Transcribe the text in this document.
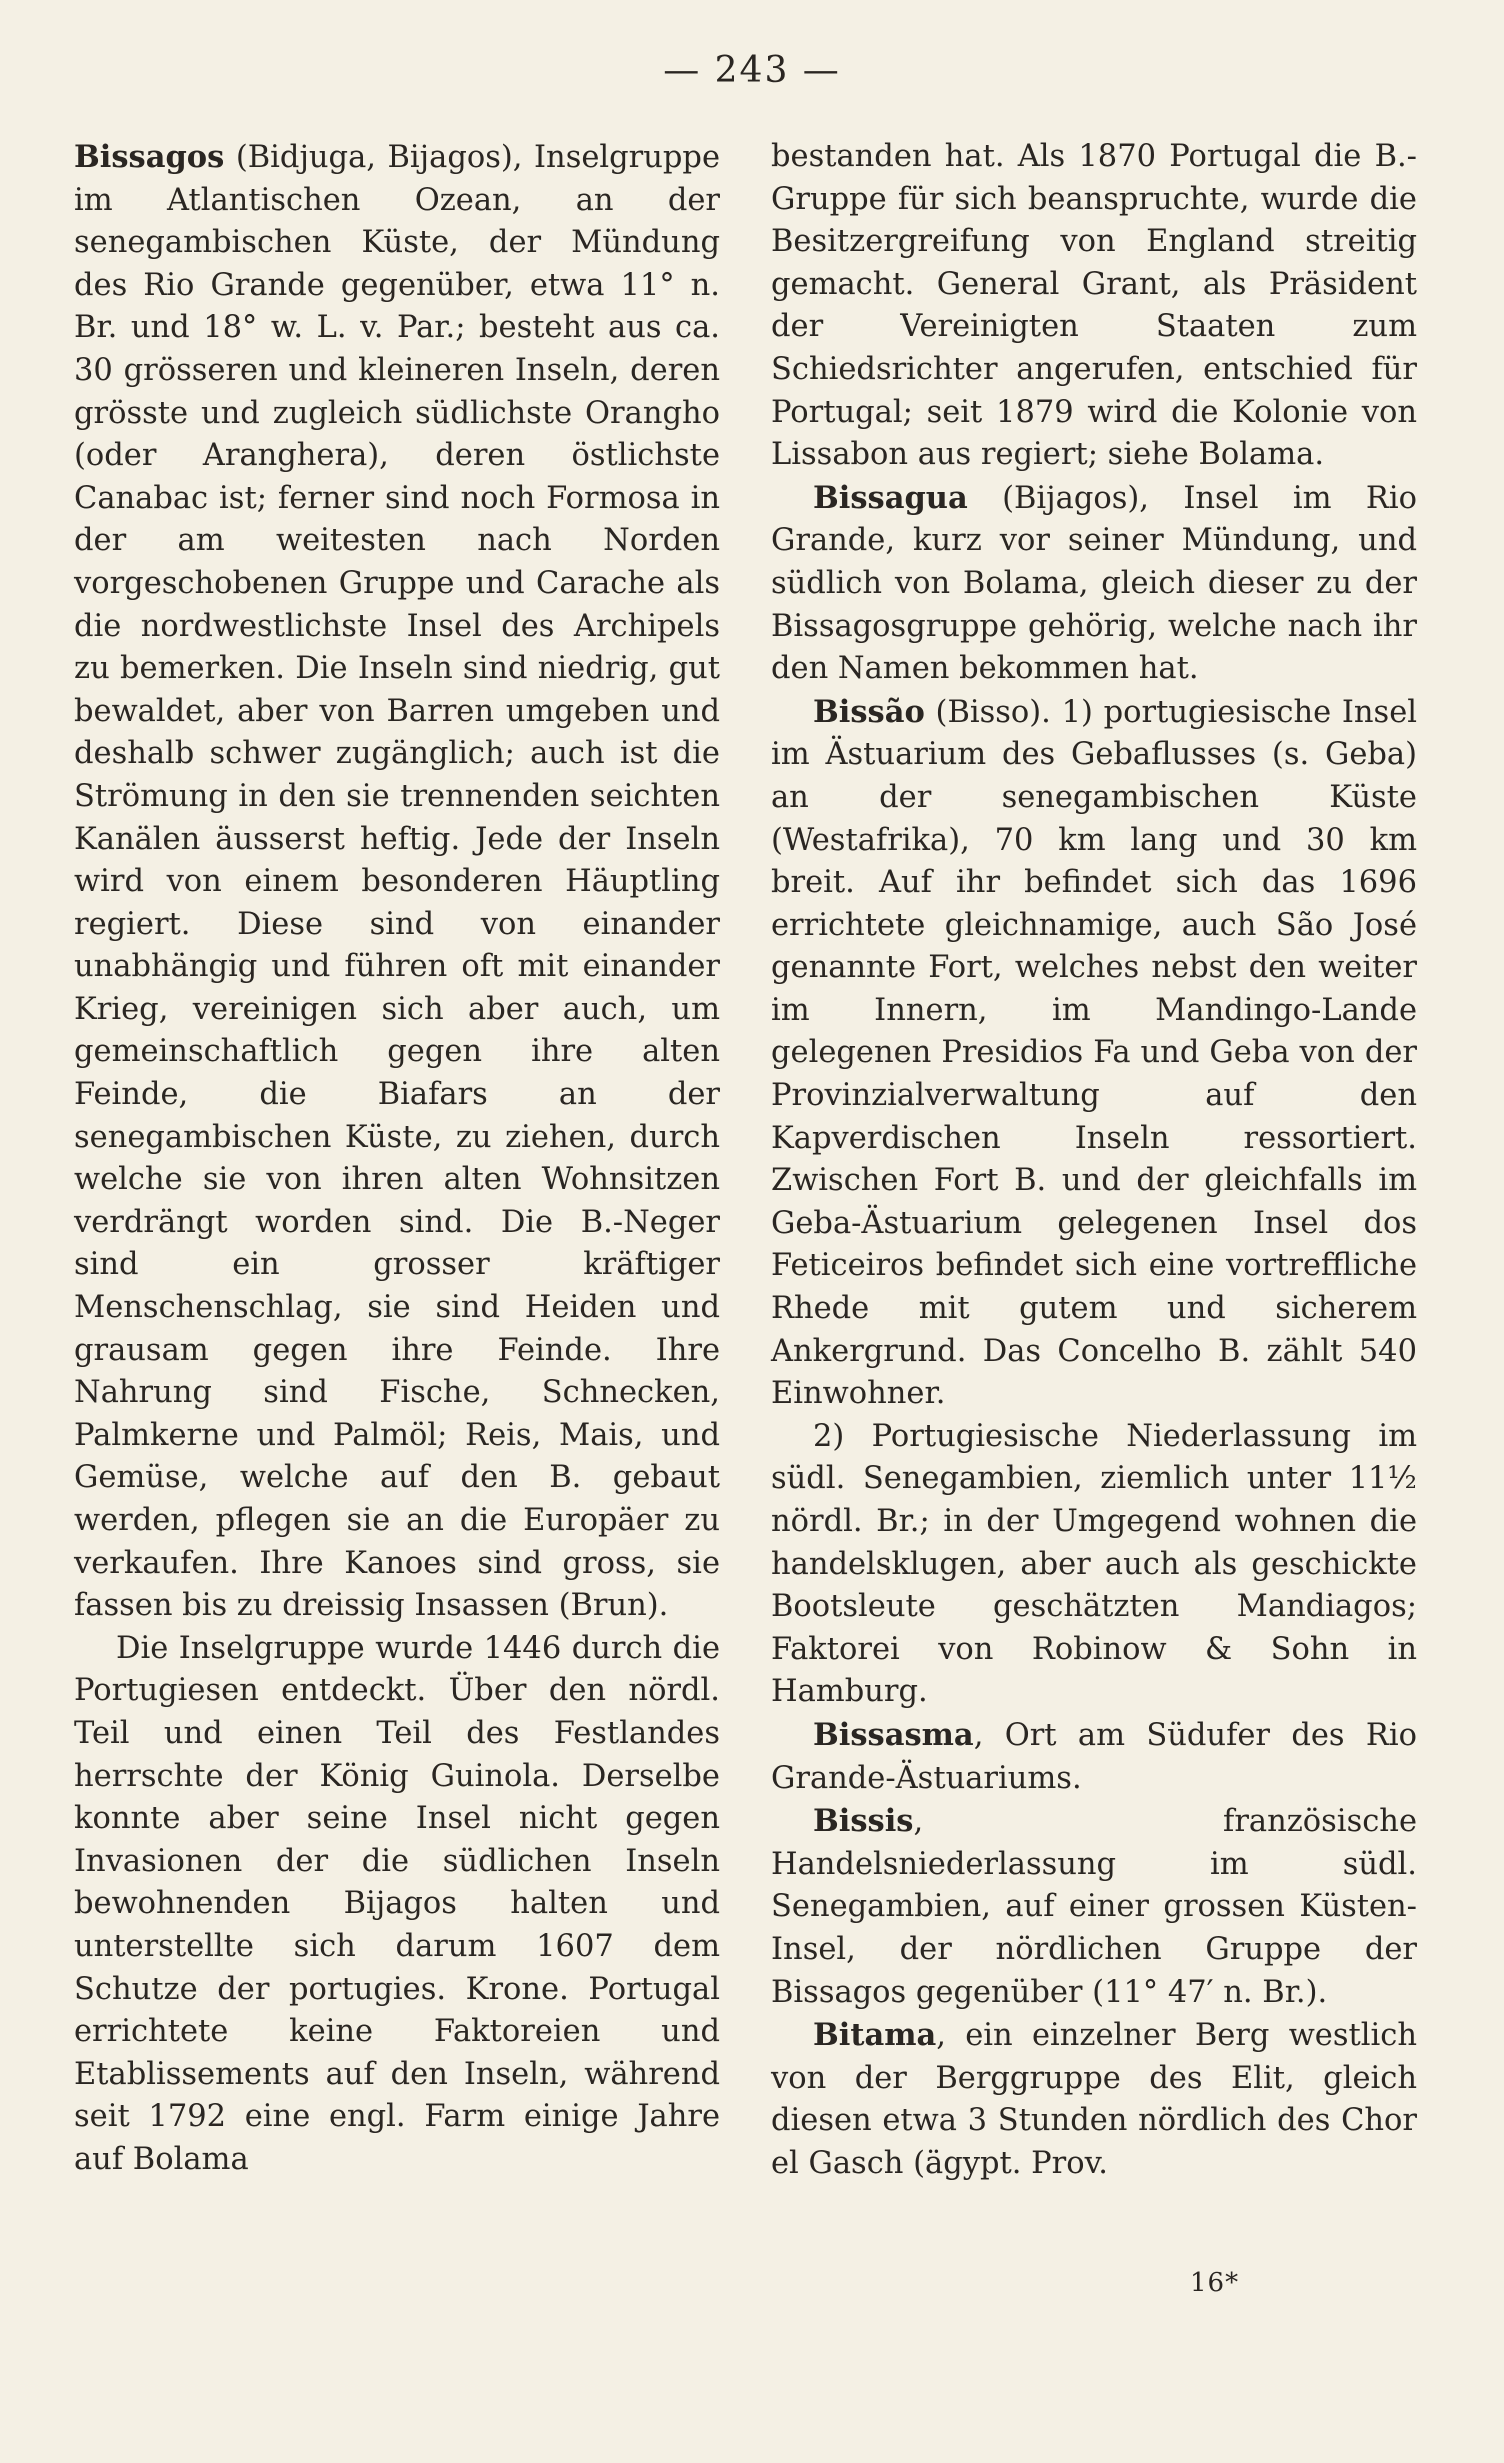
— 243 —

Bissagos (Bidjuga, Bijagos), Inselgruppe im Atlantischen Ozean, an der senegambischen Küste, der Mündung des Rio Grande gegenüber, etwa 11° n. Br. und 18° w. L. v. Par.; besteht aus ca. 30 grösseren und kleineren Inseln, deren grösste und zugleich südlichste Orangho (oder Aranghera), deren östlichste Canabac ist; ferner sind noch Formosa in der am weitesten nach Norden vorgeschobenen Gruppe und Carache als die nordwestlichste Insel des Archipels zu bemerken. Die Inseln sind niedrig, gut bewaldet, aber von Barren umgeben und deshalb schwer zugänglich; auch ist die Strömung in den sie trennenden seichten Kanälen äusserst heftig. Jede der Inseln wird von einem besonderen Häuptling regiert. Diese sind von einander unabhängig und führen oft mit einander Krieg, vereinigen sich aber auch, um gemeinschaftlich gegen ihre alten Feinde, die Biafars an der senegambischen Küste, zu ziehen, durch welche sie von ihren alten Wohnsitzen verdrängt worden sind. Die B.-Neger sind ein grosser kräftiger Menschenschlag, sie sind Heiden und grausam gegen ihre Feinde. Ihre Nahrung sind Fische, Schnecken, Palmkerne und Palmöl; Reis, Mais, und Gemüse, welche auf den B. gebaut werden, pflegen sie an die Europäer zu verkaufen. Ihre Kanoes sind gross, sie fassen bis zu dreissig Insassen (Brun).

Die Inselgruppe wurde 1446 durch die Portugiesen entdeckt. Über den nördl. Teil und einen Teil des Festlandes herrschte der König Guinola. Derselbe konnte aber seine Insel nicht gegen Invasionen der die südlichen Inseln bewohnenden Bijagos halten und unterstellte sich darum 1607 dem Schutze der portugies. Krone. Portugal errichtete keine Faktoreien und Etablissements auf den Inseln, während seit 1792 eine engl. Farm einige Jahre auf Bolama

bestanden hat. Als 1870 Portugal die B.-Gruppe für sich beanspruchte, wurde die Besitzergreifung von England streitig gemacht. General Grant, als Präsident der Vereinigten Staaten zum Schiedsrichter angerufen, entschied für Portugal; seit 1879 wird die Kolonie von Lissabon aus regiert; siehe Bolama.

Bissagua (Bijagos), Insel im Rio Grande, kurz vor seiner Mündung, und südlich von Bolama, gleich dieser zu der Bissagosgruppe gehörig, welche nach ihr den Namen bekommen hat.

Bissão (Bisso). 1) portugiesische Insel im Ästuarium des Gebaflusses (s. Geba) an der senegambischen Küste (Westafrika), 70 km lang und 30 km breit. Auf ihr befindet sich das 1696 errichtete gleichnamige, auch São José genannte Fort, welches nebst den weiter im Innern, im Mandingo-Lande gelegenen Presidios Fa und Geba von der Provinzialverwaltung auf den Kapverdischen Inseln ressortiert. Zwischen Fort B. und der gleichfalls im Geba-Ästuarium gelegenen Insel dos Feticeiros befindet sich eine vortreffliche Rhede mit gutem und sicherem Ankergrund. Das Concelho B. zählt 540 Einwohner.

2) Portugiesische Niederlassung im südl. Senegambien, ziemlich unter 11½ nördl. Br.; in der Umgegend wohnen die handelsklugen, aber auch als geschickte Bootsleute geschätzten Mandiagos; Faktorei von Robinow & Sohn in Hamburg.

Bissasma, Ort am Südufer des Rio Grande-Ästuariums.

Bissis, französische Handelsniederlassung im südl. Senegambien, auf einer grossen Küsten-Insel, der nördlichen Gruppe der Bissagos gegenüber (11° 47′ n. Br.).

Bitama, ein einzelner Berg westlich von der Berggruppe des Elit, gleich diesen etwa 3 Stunden nördlich des Chor el Gasch (ägypt. Prov.

16*
